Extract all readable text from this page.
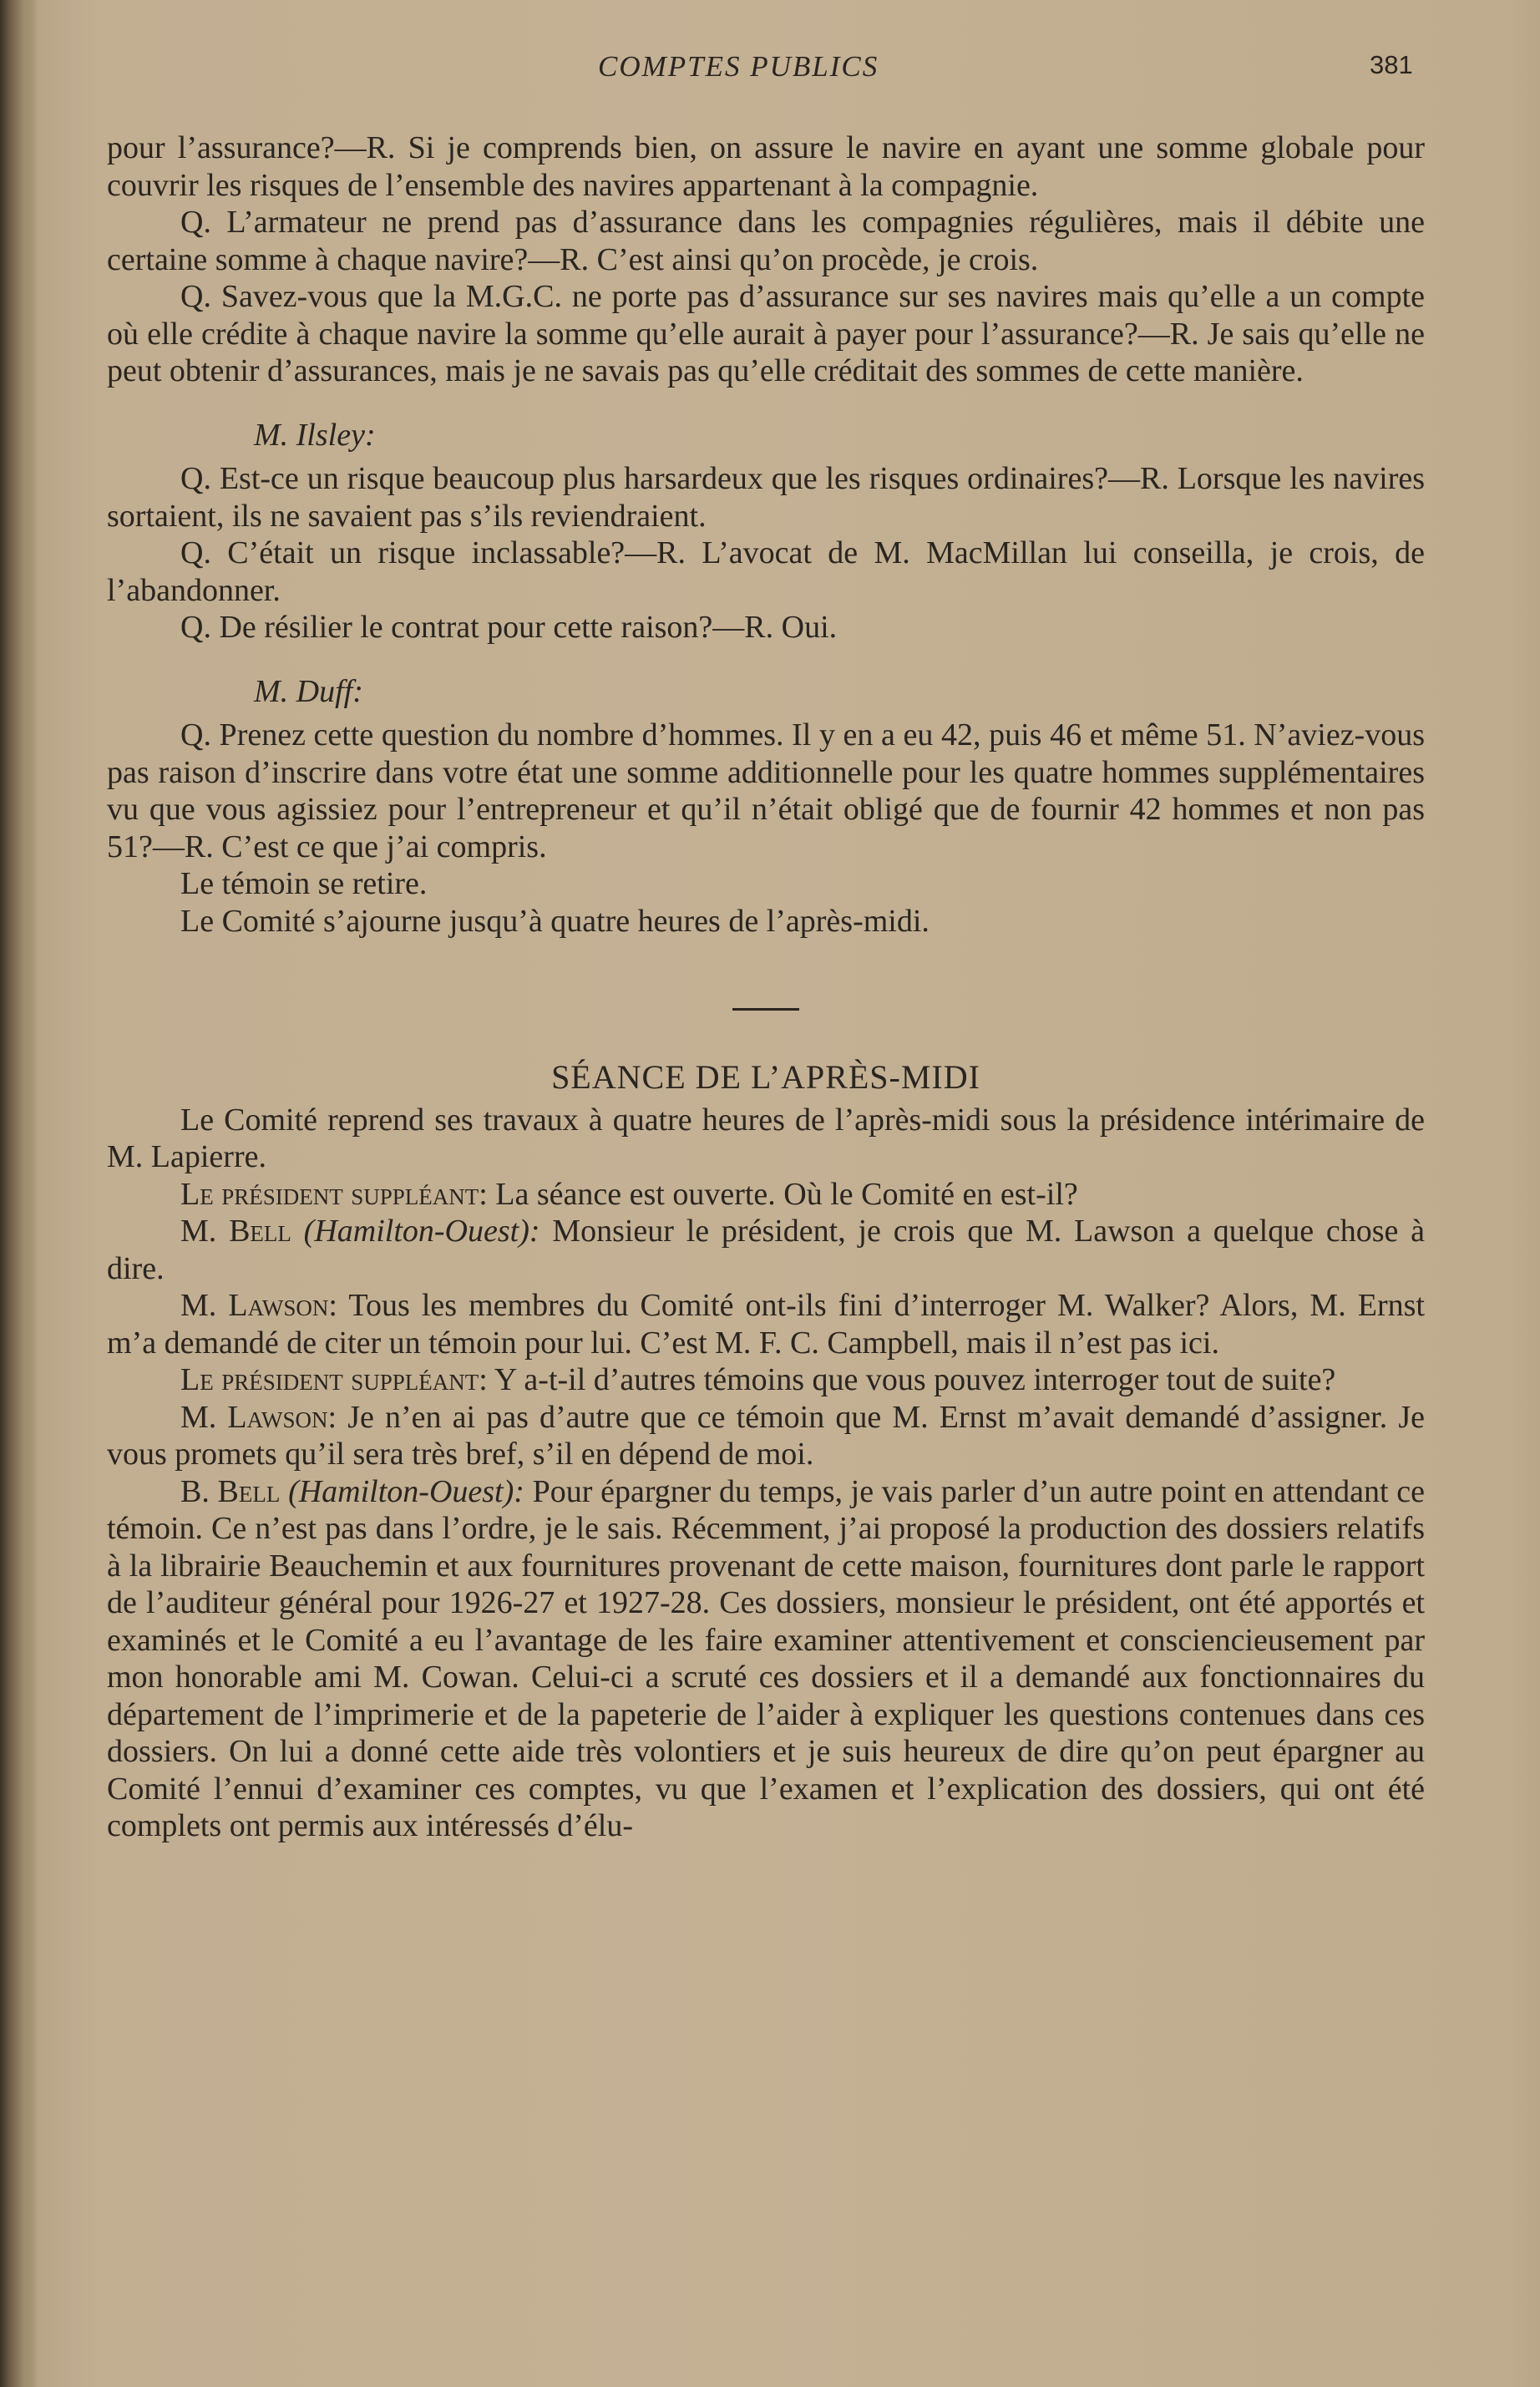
COMPTES PUBLICS	381

pour l’assurance?—R. Si je comprends bien, on assure le navire en ayant une somme globale pour couvrir les risques de l’ensemble des navires appartenant à la compagnie.

Q. L’armateur ne prend pas d’assurance dans les compagnies régulières, mais il débite une certaine somme à chaque navire?—R. C’est ainsi qu’on procède, je crois.

Q. Savez-vous que la M.G.C. ne porte pas d’assurance sur ses navires mais qu’elle a un compte où elle crédite à chaque navire la somme qu’elle aurait à payer pour l’assurance?—R. Je sais qu’elle ne peut obtenir d’assurances, mais je ne savais pas qu’elle créditait des sommes de cette manière.

M. Ilsley:

Q. Est-ce un risque beaucoup plus harsardeux que les risques ordinaires?—R. Lorsque les navires sortaient, ils ne savaient pas s’ils reviendraient.

Q. C’était un risque inclassable?—R. L’avocat de M. MacMillan lui conseilla, je crois, de l’abandonner.

Q. De résilier le contrat pour cette raison?—R. Oui.

M. Duff:

Q. Prenez cette question du nombre d’hommes. Il y en a eu 42, puis 46 et même 51. N’aviez-vous pas raison d’inscrire dans votre état une somme additionnelle pour les quatre hommes supplémentaires vu que vous agissiez pour l’entrepreneur et qu’il n’était obligé que de fournir 42 hommes et non pas 51?—R. C’est ce que j’ai compris.

Le témoin se retire.

Le Comité s’ajourne jusqu’à quatre heures de l’après-midi.

SÉANCE DE L’APRÈS-MIDI

Le Comité reprend ses travaux à quatre heures de l’après-midi sous la présidence intérimaire de M. Lapierre.

Le président suppléant: La séance est ouverte. Où le Comité en est-il?

M. Bell (Hamilton-Ouest): Monsieur le président, je crois que M. Lawson a quelque chose à dire.

M. Lawson: Tous les membres du Comité ont-ils fini d’interroger M. Walker? Alors, M. Ernst m’a demandé de citer un témoin pour lui. C’est M. F. C. Campbell, mais il n’est pas ici.

Le président suppléant: Y a-t-il d’autres témoins que vous pouvez interroger tout de suite?

M. Lawson: Je n’en ai pas d’autre que ce témoin que M. Ernst m’avait demandé d’assigner. Je vous promets qu’il sera très bref, s’il en dépend de moi.

B. Bell (Hamilton-Ouest): Pour épargner du temps, je vais parler d’un autre point en attendant ce témoin. Ce n’est pas dans l’ordre, je le sais. Récemment, j’ai proposé la production des dossiers relatifs à la librairie Beauchemin et aux fournitures provenant de cette maison, fournitures dont parle le rapport de l’auditeur général pour 1926-27 et 1927-28. Ces dossiers, monsieur le président, ont été apportés et examinés et le Comité a eu l’avantage de les faire examiner attentivement et consciencieusement par mon honorable ami M. Cowan. Celui-ci a scruté ces dossiers et il a demandé aux fonctionnaires du département de l’imprimerie et de la papeterie de l’aider à expliquer les questions contenues dans ces dossiers. On lui a donné cette aide très volontiers et je suis heureux de dire qu’on peut épargner au Comité l’ennui d’examiner ces comptes, vu que l’examen et l’explication des dossiers, qui ont été complets ont permis aux intéressés d’élu-
